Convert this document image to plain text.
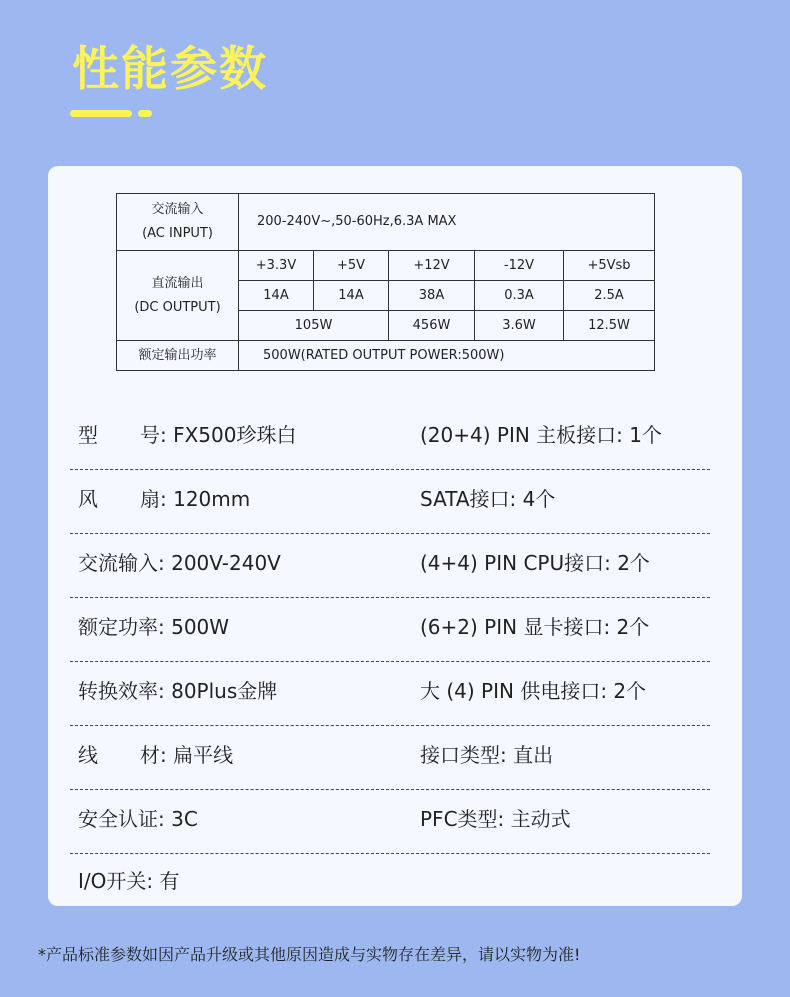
性能参数
交流输入
(AC INPUT)	200-240V~,50-60Hz,6.3A MAX				

直流输出
(DC OUTPUT)	+3.3V	+5V	+12V	-12V	+5Vsb
	14A	14A	38A	0.3A	2.5A
	105W		456W	3.6W	12.5W
额定输出功率	500W(RATED OUTPUT POWER:500W)				
型 号: FX500珍珠白	(20+4) PIN 主板接口: 1个
风 扇: 120mm	SATA接口: 4个
交流输入: 200V-240V	(4+4) PIN CPU接口: 2个
额定功率: 500W	(6+2) PIN 显卡接口: 2个
转换效率: 80Plus金牌	大 (4) PIN 供电接口: 2个
线 材: 扁平线	接口类型: 直出
安全认证: 3C	PFC类型: 主动式
I/O开关: 有
*产品标准参数如因产品升级或其他原因造成与实物存在差异，请以实物为准!
